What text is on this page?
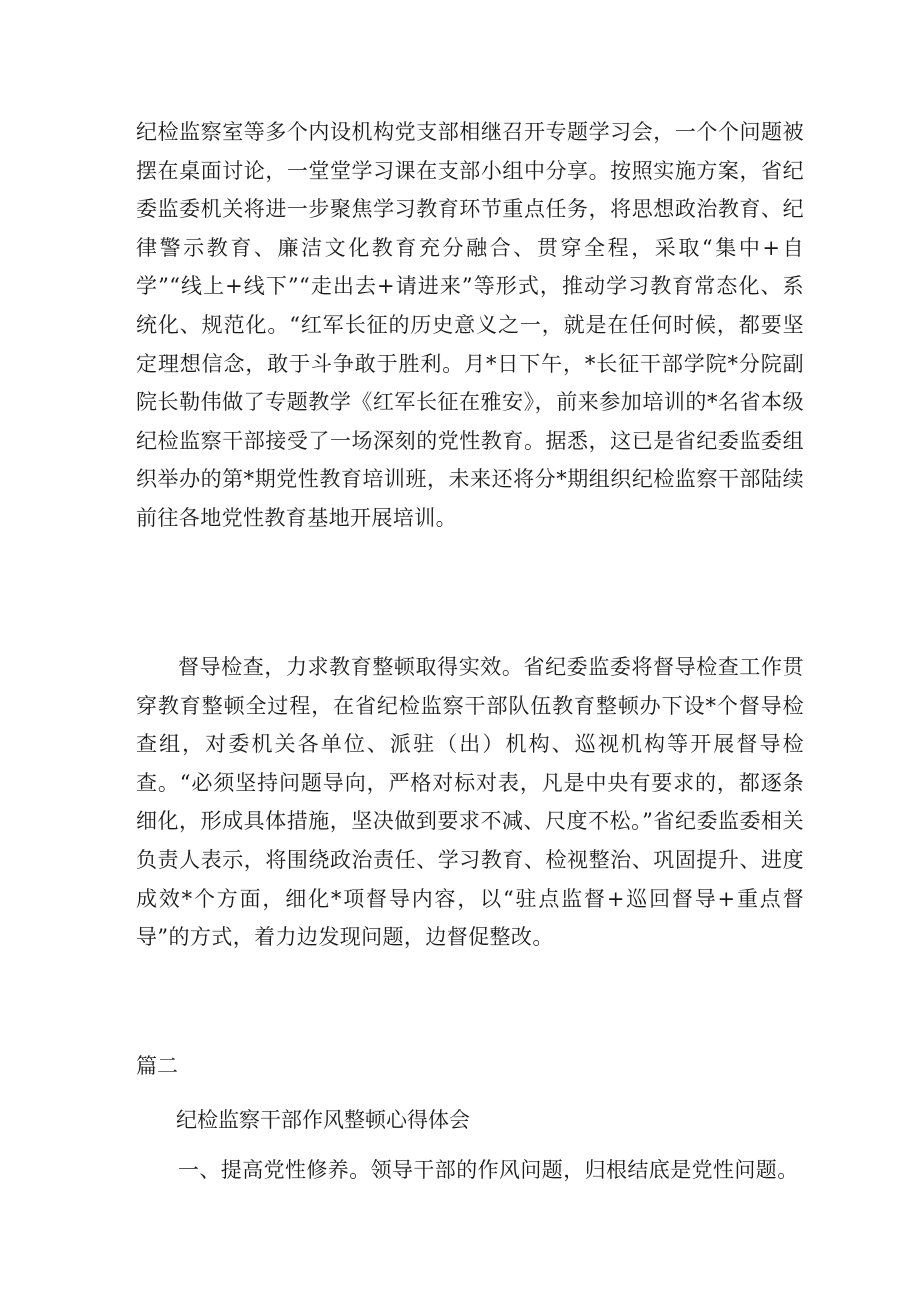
纪检监察室等多个内设机构党支部相继召开专题学习会，一个个问题被摆在桌面讨论，一堂堂学习课在支部小组中分享。按照实施方案，省纪委监委机关将进一步聚焦学习教育环节重点任务，将思想政治教育、纪律警示教育、廉洁文化教育充分融合、贯穿全程，采取“集中+自学”“线上+线下”“走出去+请进来”等形式，推动学习教育常态化、系统化、规范化。“红军长征的历史意义之一，就是在任何时候，都要坚定理想信念，敢于斗争敢于胜利。月*日下午，*长征干部学院*分院副院长勒伟做了专题教学《红军长征在雅安》，前来参加培训的*名省本级纪检监察干部接受了一场深刻的党性教育。据悉，这已是省纪委监委组织举办的第*期党性教育培训班，未来还将分*期组织纪检监察干部陆续前往各地党性教育基地开展培训。

督导检查，力求教育整顿取得实效。省纪委监委将督导检查工作贯穿教育整顿全过程，在省纪检监察干部队伍教育整顿办下设*个督导检查组，对委机关各单位、派驻（出）机构、巡视机构等开展督导检查。“必须坚持问题导向，严格对标对表，凡是中央有要求的，都逐条细化，形成具体措施，坚决做到要求不减、尺度不松。”省纪委监委相关负责人表示，将围绕政治责任、学习教育、检视整治、巩固提升、进度成效*个方面，细化*项督导内容，以“驻点监督+巡回督导+重点督导”的方式，着力边发现问题，边督促整改。

篇二

纪检监察干部作风整顿心得体会

一、提高党性修养。领导干部的作风问题，归根结底是党性问题。
